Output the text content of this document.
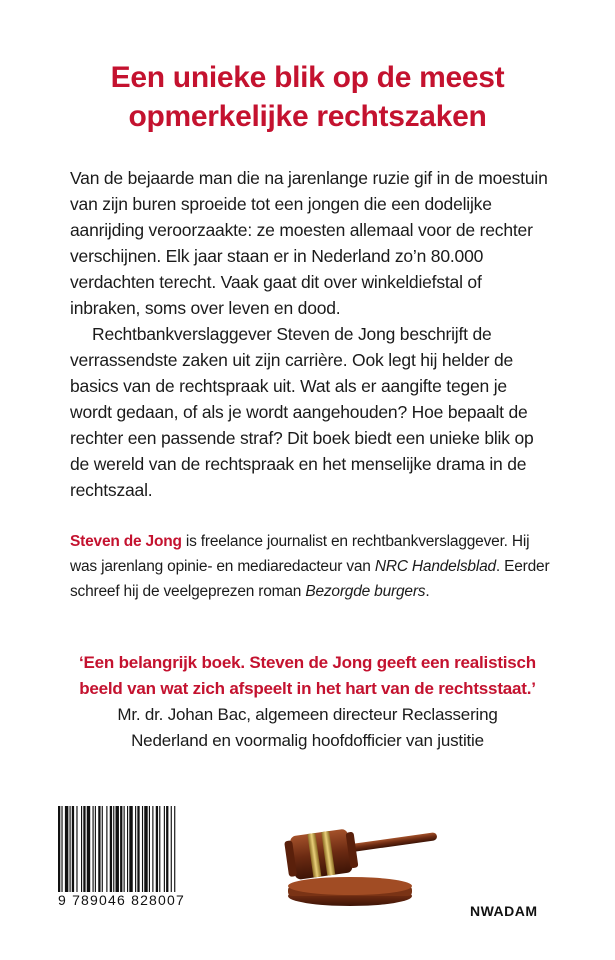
Een unieke blik op de meest
opmerkelijke rechtszaken

Van de bejaarde man die na jarenlange ruzie gif in de moestuin van zijn buren sproeide tot een jongen die een dodelijke aanrijding veroorzaakte: ze moesten allemaal voor de rechter verschijnen. Elk jaar staan er in Nederland zo’n 80.000 verdachten terecht. Vaak gaat dit over winkeldiefstal of inbraken, soms over leven en dood.

Rechtbankverslaggever Steven de Jong beschrijft de verrassendste zaken uit zijn carrière. Ook legt hij helder de basics van de rechtspraak uit. Wat als er aangifte tegen je wordt gedaan, of als je wordt aangehouden? Hoe bepaalt de rechter een passende straf? Dit boek biedt een unieke blik op de wereld van de rechtspraak en het menselijke drama in de rechtszaal.

Steven de Jong is freelance journalist en rechtbankverslaggever. Hij was jarenlang opinie- en mediaredacteur van NRC Handelsblad. Eerder schreef hij de veelgeprezen roman Bezorgde burgers.
‘Een belangrijk boek. Steven de Jong geeft een realistisch
beeld van wat zich afspeelt in het hart van de rechtsstaat.’
Mr. dr. Johan Bac, algemeen directeur Reclassering
Nederland en voormalig hoofdofficier van justitie
9 789046 828007
NWADAM
